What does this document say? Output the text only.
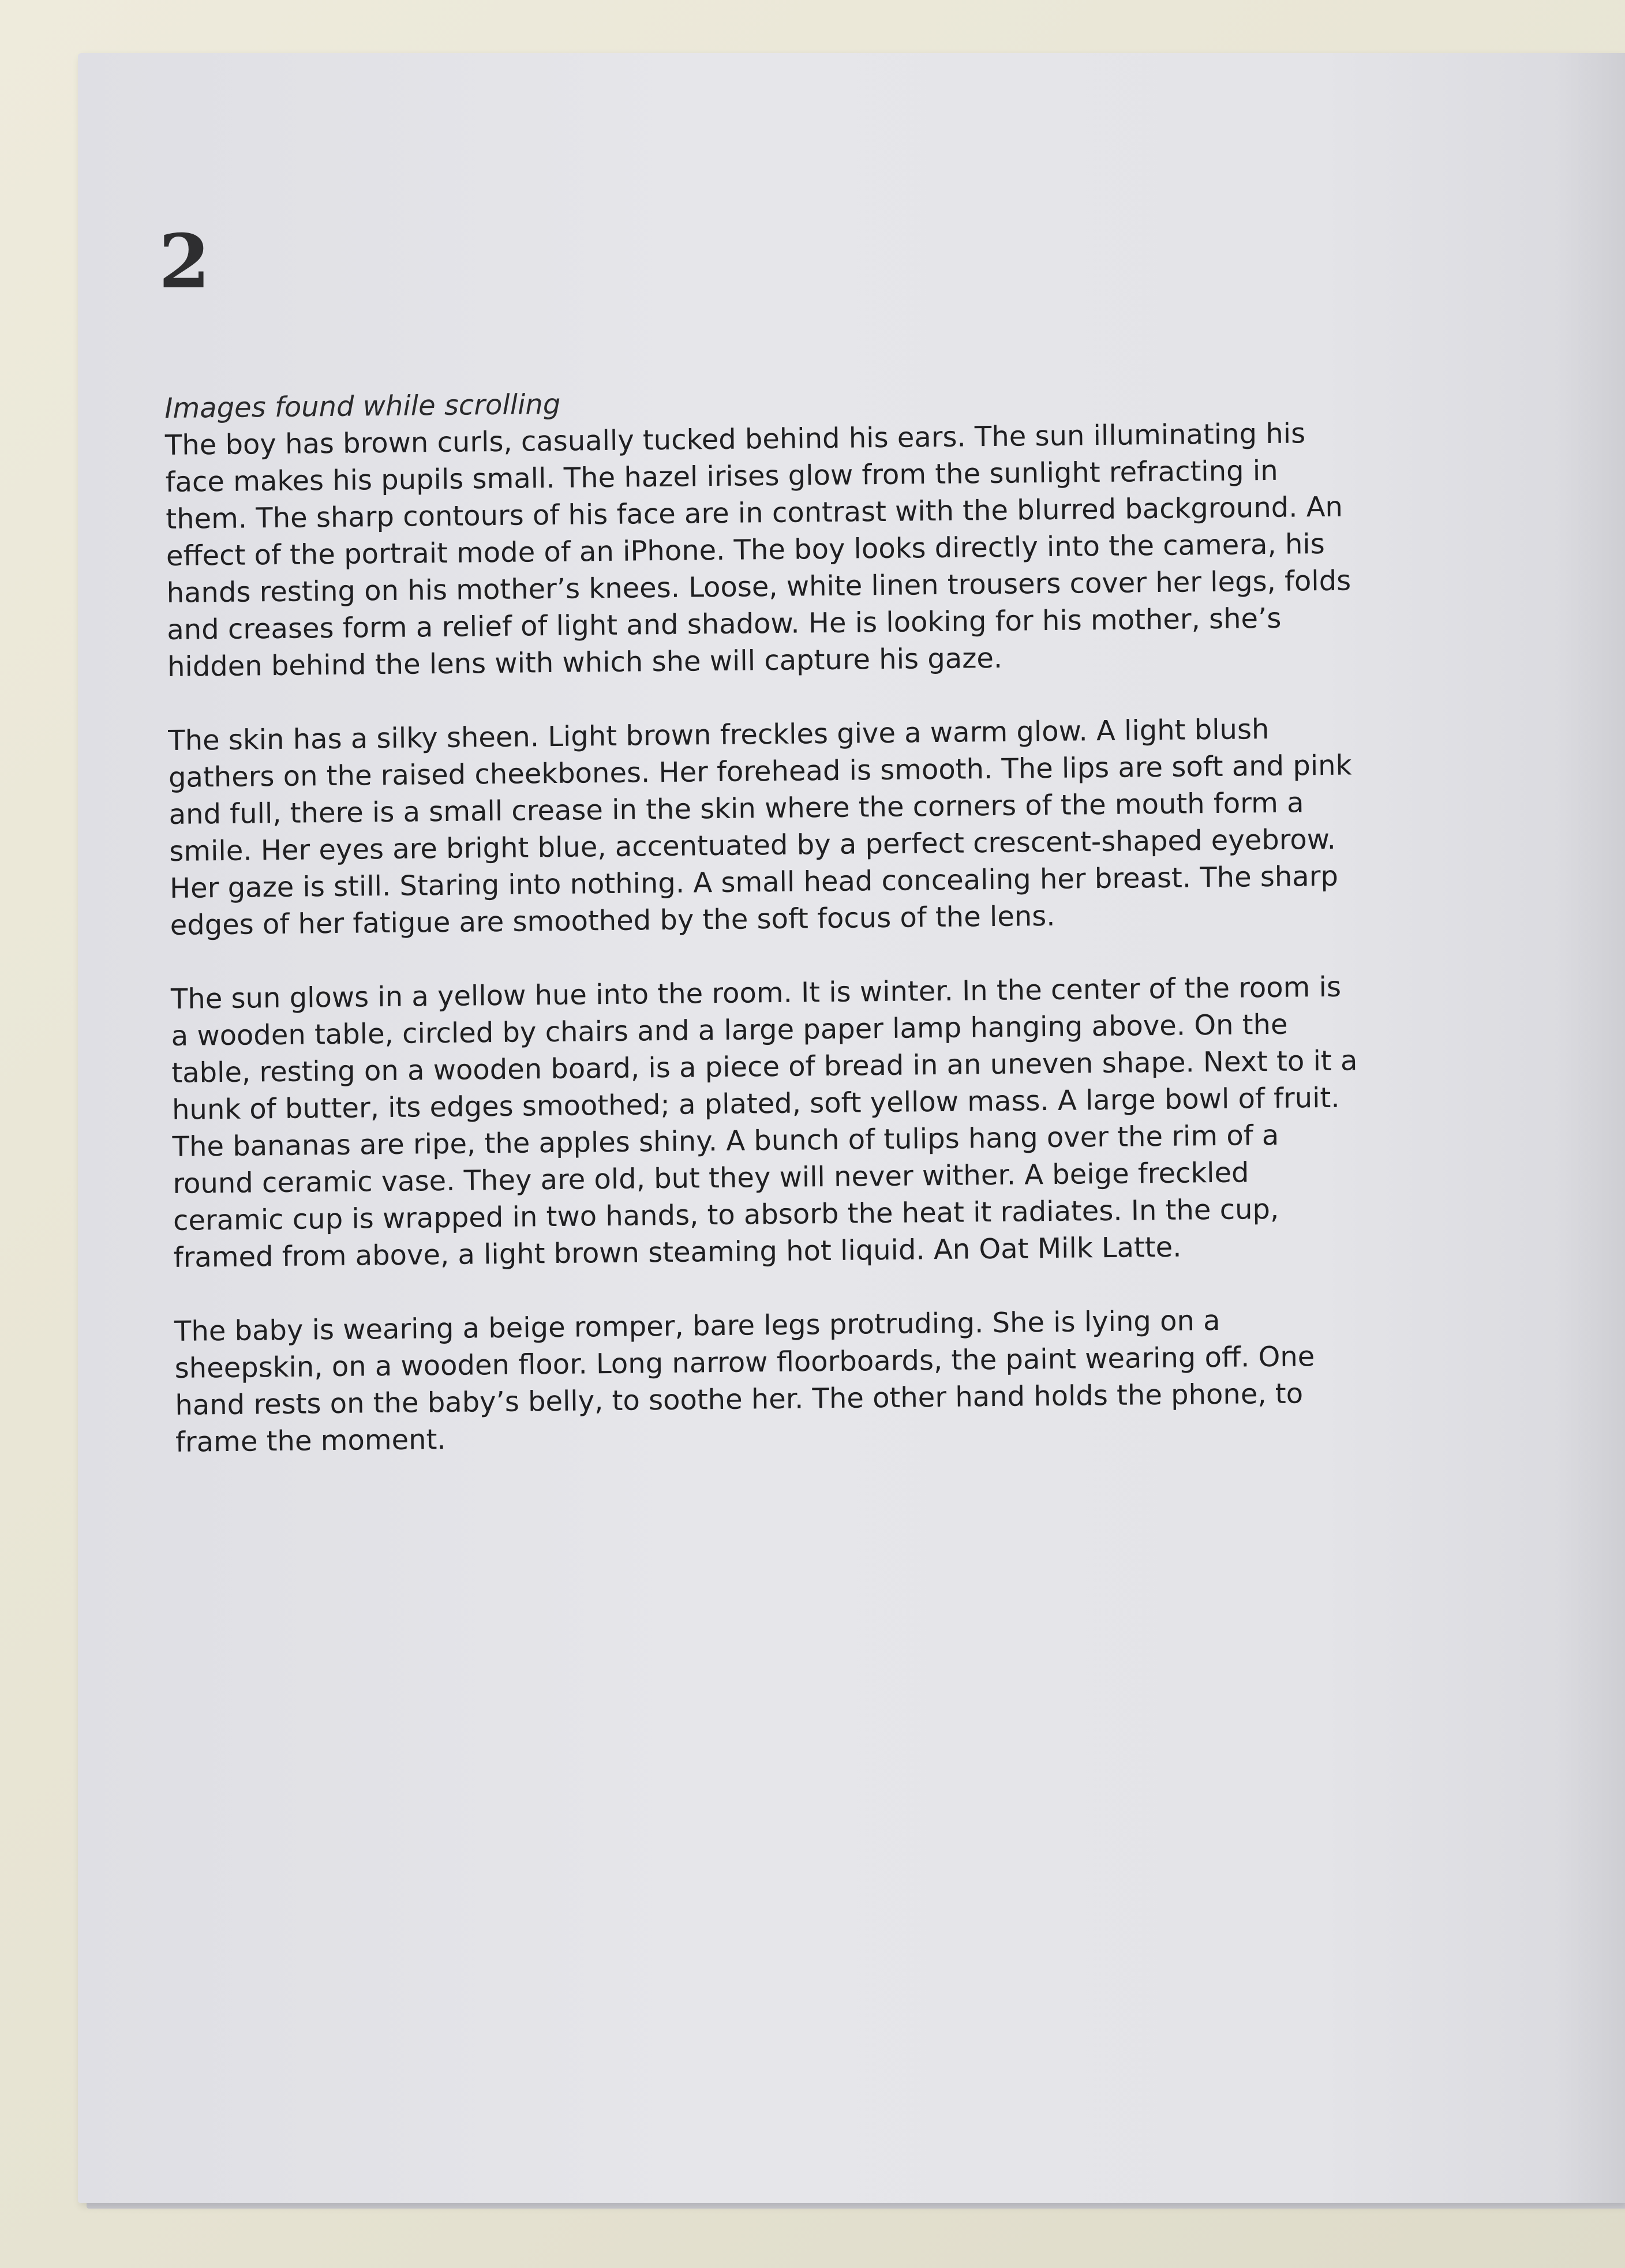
2

Images found while scrolling

The boy has brown curls, casually tucked behind his ears. The sun illuminating his face makes his pupils small. The hazel irises glow from the sunlight refracting in them. The sharp contours of his face are in contrast with the blurred background. An effect of the portrait mode of an iPhone. The boy looks directly into the camera, his hands resting on his mother’s knees. Loose, white linen trousers cover her legs, folds and creases form a relief of light and shadow. He is looking for his mother, she’s hidden behind the lens with which she will capture his gaze.

The skin has a silky sheen. Light brown freckles give a warm glow. A light blush gathers on the raised cheekbones. Her forehead is smooth. The lips are soft and pink and full, there is a small crease in the skin where the corners of the mouth form a smile. Her eyes are bright blue, accentuated by a perfect crescent-shaped eyebrow. Her gaze is still. Staring into nothing. A small head concealing her breast. The sharp edges of her fatigue are smoothed by the soft focus of the lens.

The sun glows in a yellow hue into the room. It is winter. In the center of the room is a wooden table, circled by chairs and a large paper lamp hanging above. On the table, resting on a wooden board, is a piece of bread in an uneven shape. Next to it a hunk of butter, its edges smoothed; a plated, soft yellow mass. A large bowl of fruit. The bananas are ripe, the apples shiny. A bunch of tulips hang over the rim of a round ceramic vase. They are old, but they will never wither. A beige freckled ceramic cup is wrapped in two hands, to absorb the heat it radiates. In the cup, framed from above, a light brown steaming hot liquid. An Oat Milk Latte.

The baby is wearing a beige romper, bare legs protruding. She is lying on a sheepskin, on a wooden floor. Long narrow floorboards, the paint wearing off. One hand rests on the baby’s belly, to soothe her. The other hand holds the phone, to frame the moment.
